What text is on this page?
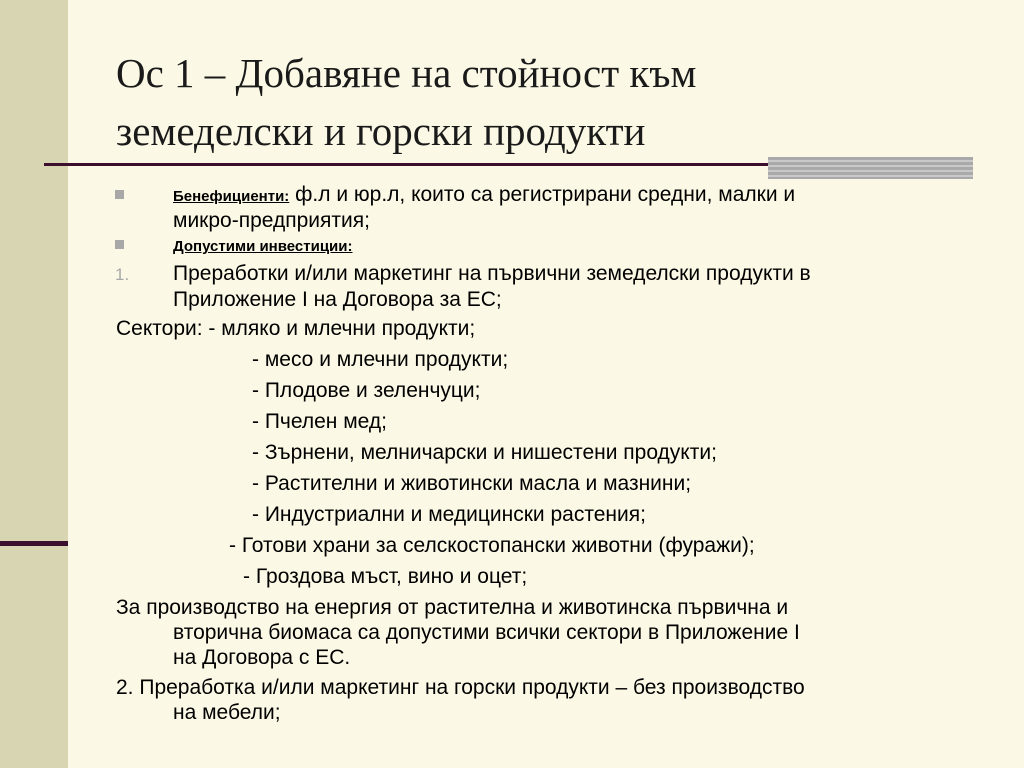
Ос 1 – Добавяне на стойност към
земеделски и горски продукти
Бенефициенти: ф.л и юр.л, които са регистрирани средни, малки и
микро-предприятия;
Допустими инвестиции:
1. Преработки и/или маркетинг на първични земеделски продукти в
Приложение I на Договора за ЕС;
Сектори: - мляко и млечни продукти;
- месо и млечни продукти;
- Плодове и зеленчуци;
- Пчелен мед;
- Зърнени, мелничарски и нишестени продукти;
- Растителни и животински масла и мазнини;
- Индустриални и медицински растения;
- Готови храни за селскостопански животни (фуражи);
- Гроздова мъст, вино и оцет;
За производство на енергия от растителна и животинска първична и
вторична биомаса са допустими всички сектори в Приложение I
на Договора с ЕС.
2. Преработка и/или маркетинг на горски продукти – без производство
на мебели;
